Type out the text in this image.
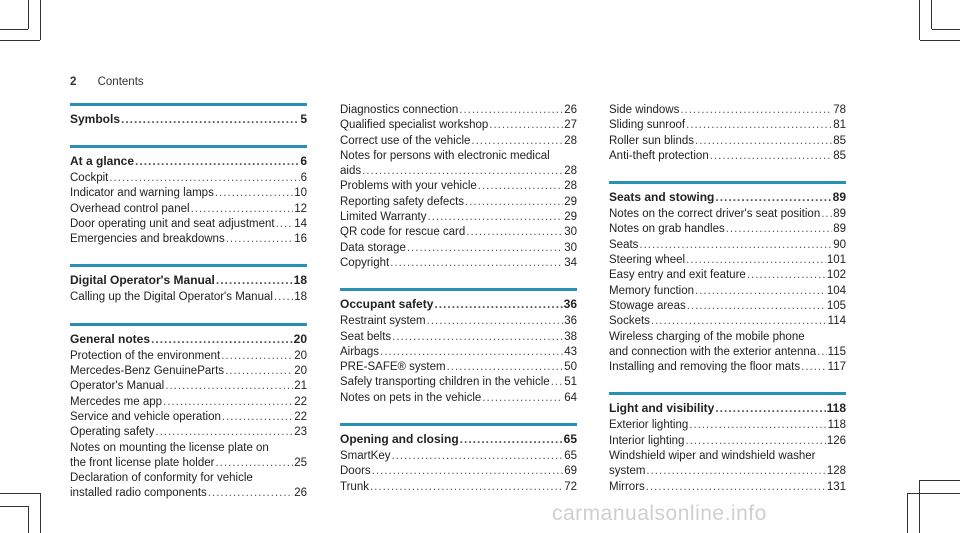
2 Contents
Symbols .....	5
At a glance .....	6
Cockpit .....	6
Indicator and warning lamps .....	10
Overhead control panel .....	12
Door operating unit and seat adjustment ..... 14
Emergencies and breakdowns .....	16
Digital Operator's Manual .....	18
Calling up the Digital Operator's Manual ..... 18
General notes .....	20
Protection of the environment .....	20
Mercedes-Benz GenuineParts .....	20
Operator's Manual .....	21
Mercedes me app .....	22
Service and vehicle operation .....	22
Operating safety .....	23
Notes on mounting the license plate on
the front license plate holder .....	25
Declaration of conformity for vehicle
installed radio components .....	26
Diagnostics connection .....	26
Qualified specialist workshop .....	27
Correct use of the vehicle .....	28
Notes for persons with electronic medical
aids .....	28
Problems with your vehicle .....	28
Reporting safety defects .....	29
Limited Warranty .....	29
QR code for rescue card .....	30
Data storage .....	30
Copyright .....	34
Occupant safety .....	36
Restraint system .....	36
Seat belts .....	38
Airbags .....	43
PRE-SAFE® system .....	50
Safely transporting children in the vehicle ..... 51
Notes on pets in the vehicle .....	64
Opening and closing .....	65
SmartKey .....	65
Doors .....	69
Trunk .....	72
Side windows .....	78
Sliding sunroof .....	81
Roller sun blinds .....	85
Anti-theft protection .....	85
Seats and stowing .....	89
Notes on the correct driver's seat position ..... 89
Notes on grab handles .....	89
Seats .....	90
Steering wheel .....	101
Easy entry and exit feature .....	102
Memory function .....	104
Stowage areas .....	105
Sockets .....	114
Wireless charging of the mobile phone
and connection with the exterior antenna ..... 115
Installing and removing the floor mats ..... 117
Light and visibility .....	118
Exterior lighting .....	118
Interior lighting .....	126
Windshield wiper and windshield washer
system .....	128
Mirrors .....	131
carmanualsonline.info
